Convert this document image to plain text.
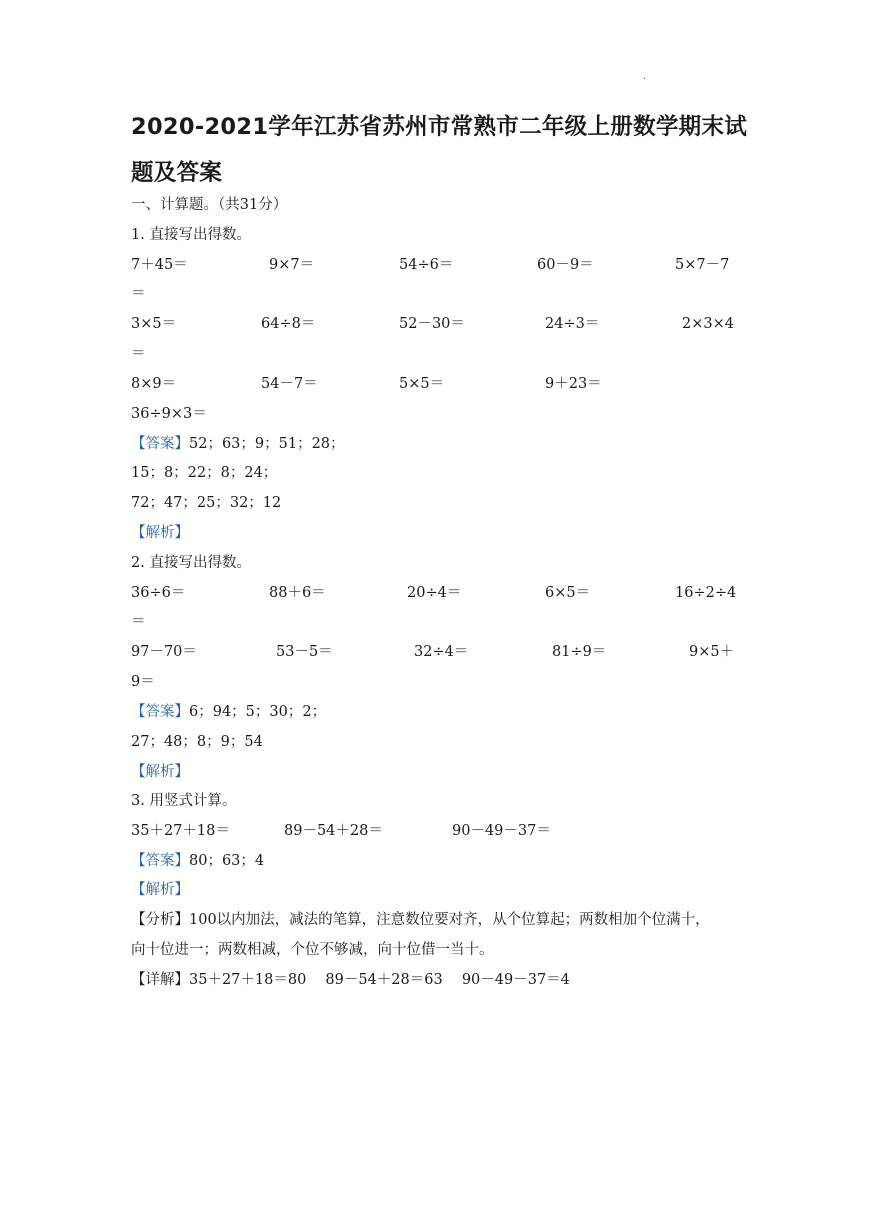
·
2020-2021学年江苏省苏州市常熟市二年级上册数学期末试
题及答案
一、计算题。（共31分）
1. 直接写出得数。
7＋45＝	9×7＝	54÷6＝	60－9＝	5×7－7
＝
3×5＝	64÷8＝	52－30＝	24÷3＝	2×3×4
＝
8×9＝	54－7＝	5×5＝	9＋23＝
36÷9×3＝
【答案】52；63；9；51；28；
15；8；22；8；24；
72；47；25；32；12
【解析】
2. 直接写出得数。
36÷6＝	88＋6＝	20÷4＝	6×5＝	16÷2÷4
＝
97－70＝	53－5＝	32÷4＝	81÷9＝	9×5＋
9＝
【答案】6；94；5；30；2；
27；48；8；9；54
【解析】
3. 用竖式计算。
35＋27＋18＝	89－54＋28＝	90－49－37＝
【答案】80；63；4
【解析】
【分析】100以内加法，减法的笔算，注意数位要对齐，从个位算起；两数相加个位满十，
向十位进一；两数相减，个位不够减，向十位借一当十。
【详解】35＋27＋18＝80　 89－54＋28＝63　 90－49－37＝4
